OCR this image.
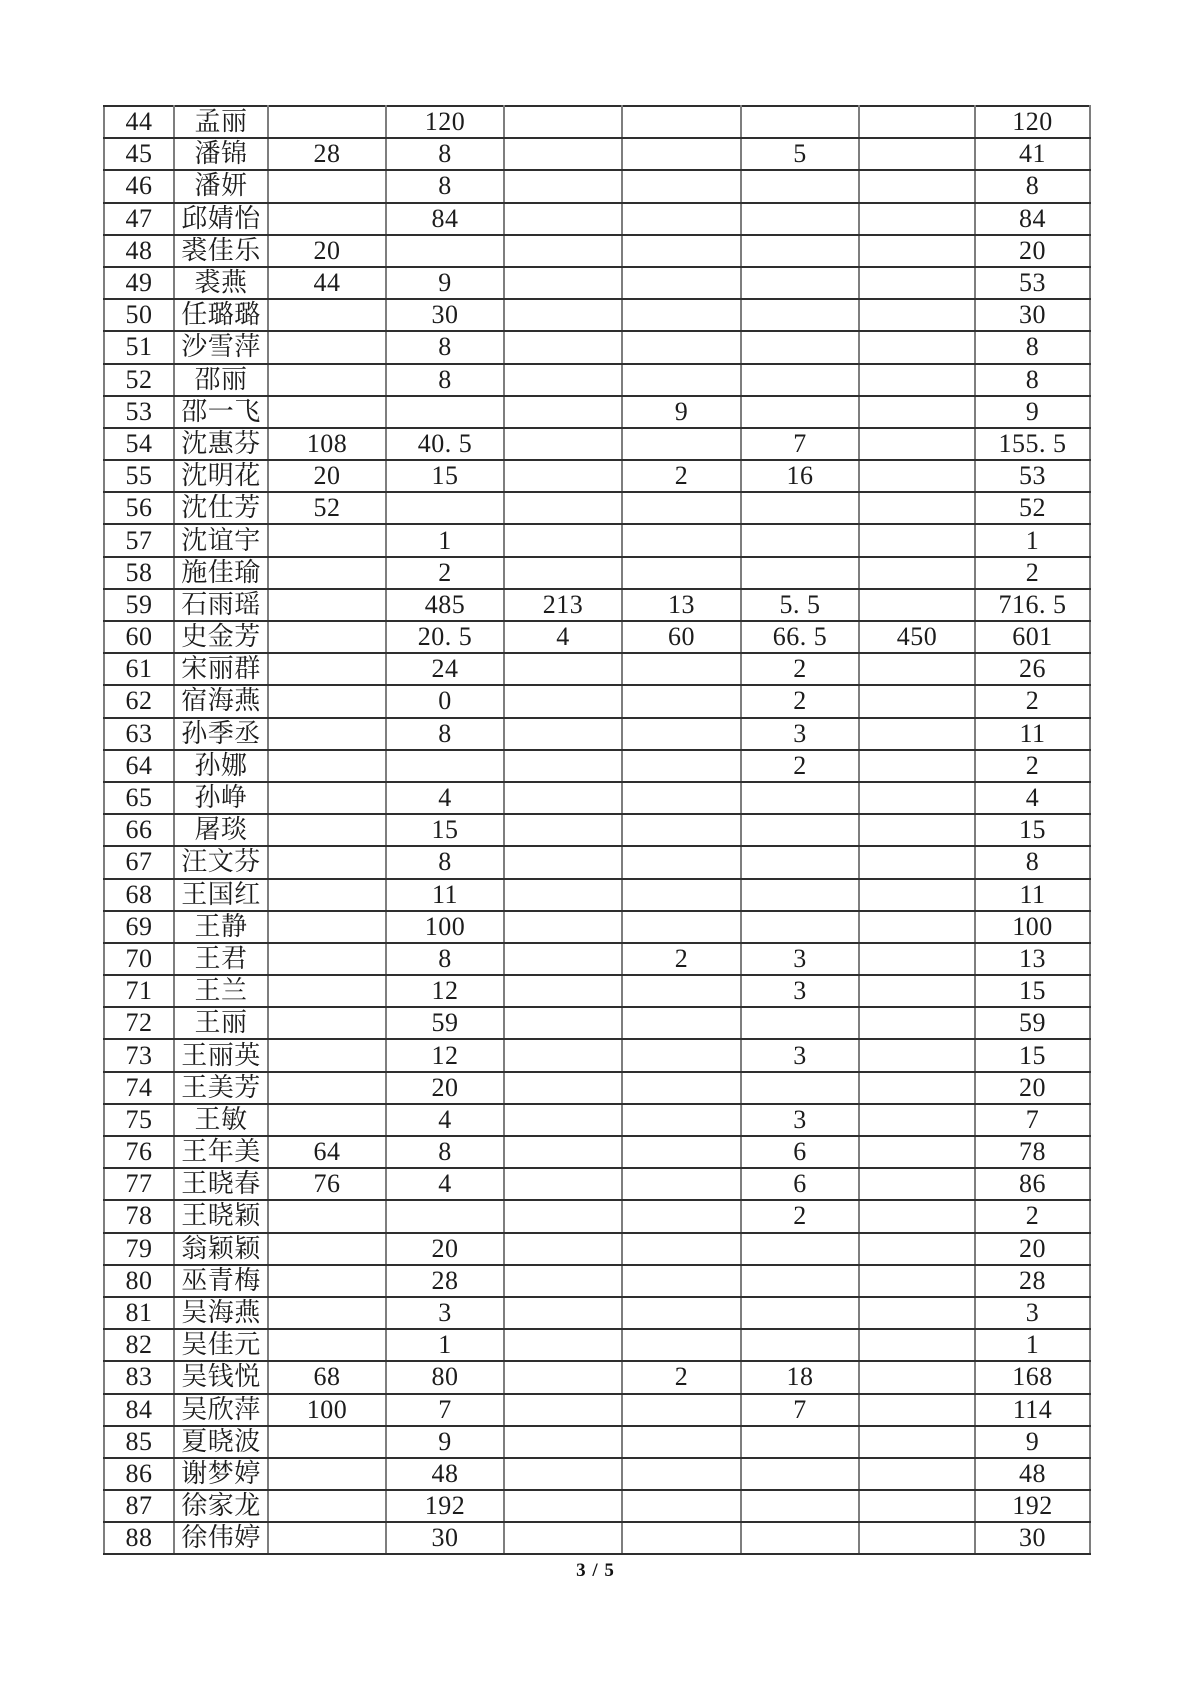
44	孟丽		120					120
45	潘锦	28	8			5		41
46	潘妍		8					8
47	邱婧怡		84					84
48	裘佳乐	20						20
49	裘燕	44	9					53
50	任璐璐		30					30
51	沙雪萍		8					8
52	邵丽		8					8
53	邵一飞				9			9
54	沈惠芬	108	40. 5			7		155. 5
55	沈明花	20	15		2	16		53
56	沈仕芳	52						52
57	沈谊宇		1					1
58	施佳瑜		2					2
59	石雨瑶		485	213	13	5. 5		716. 5
60	史金芳		20. 5	4	60	66. 5	450	601
61	宋丽群		24			2		26
62	宿海燕		0			2		2
63	孙季丞		8			3		11
64	孙娜					2		2
65	孙峥		4					4
66	屠琰		15					15
67	汪文芬		8					8
68	王国红		11					11
69	王静		100					100
70	王君		8		2	3		13
71	王兰		12			3		15
72	王丽		59					59
73	王丽英		12			3		15
74	王美芳		20					20
75	王敏		4			3		7
76	王年美	64	8			6		78
77	王晓春	76	4			6		86
78	王晓颖					2		2
79	翁颖颖		20					20
80	巫青梅		28					28
81	吴海燕		3					3
82	吴佳元		1					1
83	吴钱悦	68	80		2	18		168
84	吴欣萍	100	7			7		114
85	夏晓波		9					9
86	谢梦婷		48					48
87	徐家龙		192					192
88	徐伟婷		30					30
3 / 5
